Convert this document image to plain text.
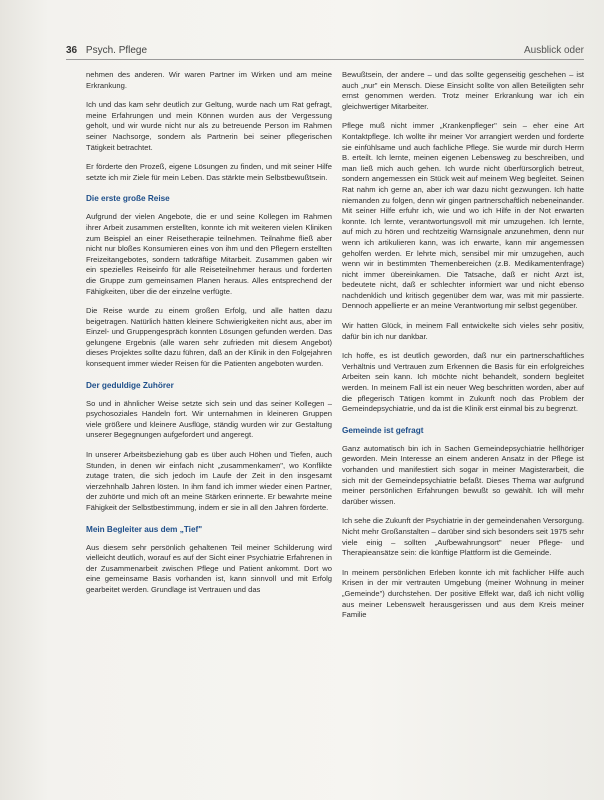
36 Psych. Pflege	Ausblick oder

nehmen des anderen. Wir waren Partner im Wirken und am meine Erkrankung.

Ich und das kam sehr deutlich zur Geltung, wurde nach um Rat gefragt, meine Erfahrungen und mein Können wurden aus der Vergessung geholt, und wir wurde nicht nur als zu betreuende Person im Rahmen seiner Nachsorge, sondern als Partnerin bei seiner pflegerischen Tätigkeit betrachtet.

Er förderte den Prozeß, eigene Lösungen zu finden, und mit seiner Hilfe setzte ich mir Ziele für mein Leben. Das stärkte mein Selbstbewußtsein.

Die erste große Reise

Aufgrund der vielen Angebote, die er und seine Kollegen im Rahmen ihrer Arbeit zusammen erstellten, konnte ich mit weiteren vielen Kliniken zum Beispiel an einer Reisetherapie teilnehmen. Teilnahme fließ aber nicht nur bloßes Konsumieren eines von ihm und den Pflegern erstellten Freizeitangebotes, sondern tatkräftige Mitarbeit. Zusammen gaben wir ein spezielles Reiseinfo für alle Reiseteilnehmer heraus und forderten die Gruppe zum gemeinsamen Planen heraus. Alles entsprechend der Fähigkeiten, über die der einzelne verfügte.

Die Reise wurde zu einem großen Erfolg, und alle hatten dazu beigetragen. Natürlich hätten kleinere Schwierigkeiten nicht aus, aber im Einzel- und Gruppengespräch konnten Lösungen gefunden werden. Das gelungene Ergebnis (alle waren sehr zufrieden mit diesem Angebot) dieses Projektes sollte dazu führen, daß an der Klinik in den Folgejahren konsequent immer wieder Reisen für die Patienten angeboten wurden.

Der geduldige Zuhörer

So und in ähnlicher Weise setzte sich sein und das seiner Kollegen – psychosoziales Handeln fort. Wir unternahmen in kleineren Gruppen viele größere und kleinere Ausflüge, ständig wurden wir zur Gestaltung unserer Begegnungen aufgefordert und angeregt.

In unserer Arbeitsbeziehung gab es über auch Höhen und Tiefen, auch Stunden, in denen wir einfach nicht „zusammenkamen", wo Konflikte zutage traten, die sich jedoch im Laufe der Zeit in den insgesamt vierzehnhalb Jahren lösten. In ihm fand ich immer wieder einen Partner, der zuhörte und mich oft an meine Stärken erinnerte. Er bewahrte meine Fähigkeit der Selbstbestimmung, indem er sie in all den Jahren förderte.

Mein Begleiter aus dem „Tief"

Aus diesem sehr persönlich gehaltenen Teil meiner Schilderung wird vielleicht deutlich, worauf es auf der Sicht einer Psychiatrie Erfahrenen in der Zusammenarbeit zwischen Pflege und Patient ankommt. Dort wo eine gemeinsame Basis vorhanden ist, kann sinnvoll und mit Erfolg gearbeitet werden. Grundlage ist Vertrauen und das

Bewußtsein, der andere – und das sollte gegenseitig geschehen – ist auch „nur" ein Mensch. Diese Einsicht sollte von allen Beteiligten sehr ernst genommen werden. Trotz meiner Erkrankung war ich ein gleichwertiger Mitarbeiter.

Pflege muß nicht immer „Krankenpfleger" sein – eher eine Art Kontaktpflege. Ich wollte ihr meiner Vor arrangiert werden und forderte sie einfühlsame und auch fachliche Pflege. Sie wurde mir durch Herrn B. erteilt. Ich lernte, meinen eigenen Lebensweg zu beschreiben, und man ließ mich auch gehen. Ich wurde nicht überfürsorglich betreut, sondern angemessen ein Stück weit auf meinem Weg begleitet. Seinen Rat nahm ich gerne an, aber ich war dazu nicht gezwungen. Ich hatte niemanden zu folgen, denn wir gingen partnerschaftlich nebeneinander. Mit seiner Hilfe erfuhr ich, wie und wo ich Hilfe in der Not erwarten konnte. Ich lernte, verantwortungsvoll mit mir umzugehen. Ich lernte, auf mich zu hören und rechtzeitig Warnsignale anzunehmen, denn nur wenn ich artikulieren kann, was ich erwarte, kann mir angemessen geholfen werden. Er lehrte mich, sensibel mir mir umzugehen, auch wenn wir in bestimmten Themenbereichen (z.B. Medikamentenfrage) nicht immer übereinkamen. Die Tatsache, daß er nicht Arzt ist, bedeutete nicht, daß er schlechter informiert war und nicht ebenso nachdenklich und kritisch gegenüber dem war, was mit mir passierte. Dennoch appellierte er an meine Verantwortung mir selbst gegenüber.

Wir hatten Glück, in meinem Fall entwickelte sich vieles sehr positiv, dafür bin ich nur dankbar.

Ich hoffe, es ist deutlich geworden, daß nur ein partnerschaftliches Verhältnis und Vertrauen zum Erkennen die Basis für ein erfolgreiches Arbeiten sein kann. Ich möchte nicht behandelt, sondern begleitet werden. In meinem Fall ist ein neuer Weg beschritten worden, aber auf die pflegerisch Tätigen kommt in Zukunft noch das Problem der Gemeindepsychiatrie, und da ist die Klinik erst einmal bis zu begrenzt.

Gemeinde ist gefragt

Ganz automatisch bin ich in Sachen Gemeindepsychiatrie hellhöriger geworden. Mein Interesse an einem anderen Ansatz in der Pflege ist vorhanden und manifestiert sich sogar in meiner Magisterarbeit, die sich mit der Gemeindepsychiatrie befaßt. Dieses Thema war aufgrund meiner persönlichen Erfahrungen bewußt so gewählt. Ich will mehr darüber wissen.

Ich sehe die Zukunft der Psychiatrie in der gemeindenahen Versorgung. Nicht mehr Großanstalten – darüber sind sich besonders seit 1975 sehr viele einig – sollten „Aufbewahrungsort" neuer Pflege- und Therapieansätze sein: die künftige Plattform ist die Gemeinde.

In meinem persönlichen Erleben konnte ich mit fachlicher Hilfe auch Krisen in der mir vertrauten Umgebung (meiner Wohnung in meiner „Gemeinde") durchstehen. Der positive Effekt war, daß ich nicht völlig aus meiner Lebenswelt herausgerissen und aus dem Kreis meiner Familie
